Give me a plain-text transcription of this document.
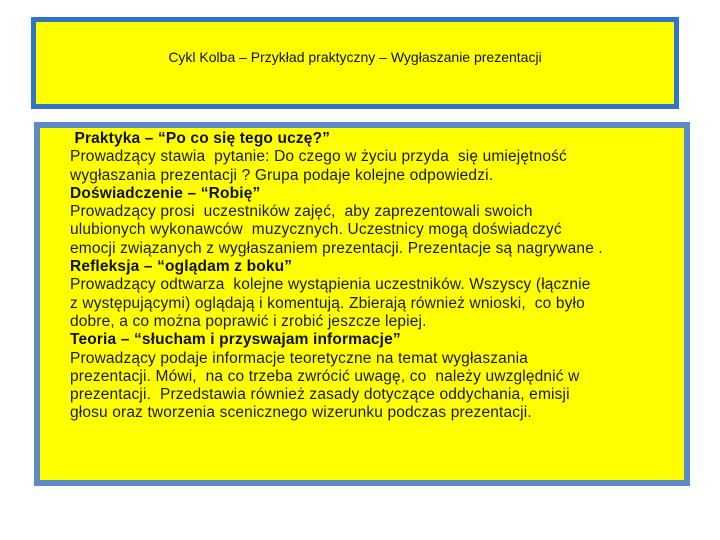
Cykl Kolba – Przykład praktyczny – Wygłaszanie prezentacji

Praktyka – “Po co się tego uczę?”

Prowadzący stawia  pytanie: Do czego w życiu przyda  się umiejętność

wygłaszania prezentacji ? Grupa podaje kolejne odpowiedzi.

Doświadczenie – “Robię”

Prowadzący prosi  uczestników zajęć,  aby zaprezentowali swoich

ulubionych wykonawców  muzycznych. Uczestnicy mogą doświadczyć

emocji związanych z wygłaszaniem prezentacji. Prezentacje są nagrywane .

Refleksja – “oglądam z boku”

Prowadzący odtwarza  kolejne wystąpienia uczestników. Wszyscy (łącznie

z występującymi) oglądają i komentują. Zbierają również wnioski,  co było

dobre, a co można poprawić i zrobić jeszcze lepiej.

Teoria – “słucham i przyswajam informacje”

Prowadzący podaje informacje teoretyczne na temat wygłaszania

prezentacji. Mówi,  na co trzeba zwrócić uwagę, co  należy uwzględnić w

prezentacji.  Przedstawia również zasady dotyczące oddychania, emisji

głosu oraz tworzenia scenicznego wizerunku podczas prezentacji.
